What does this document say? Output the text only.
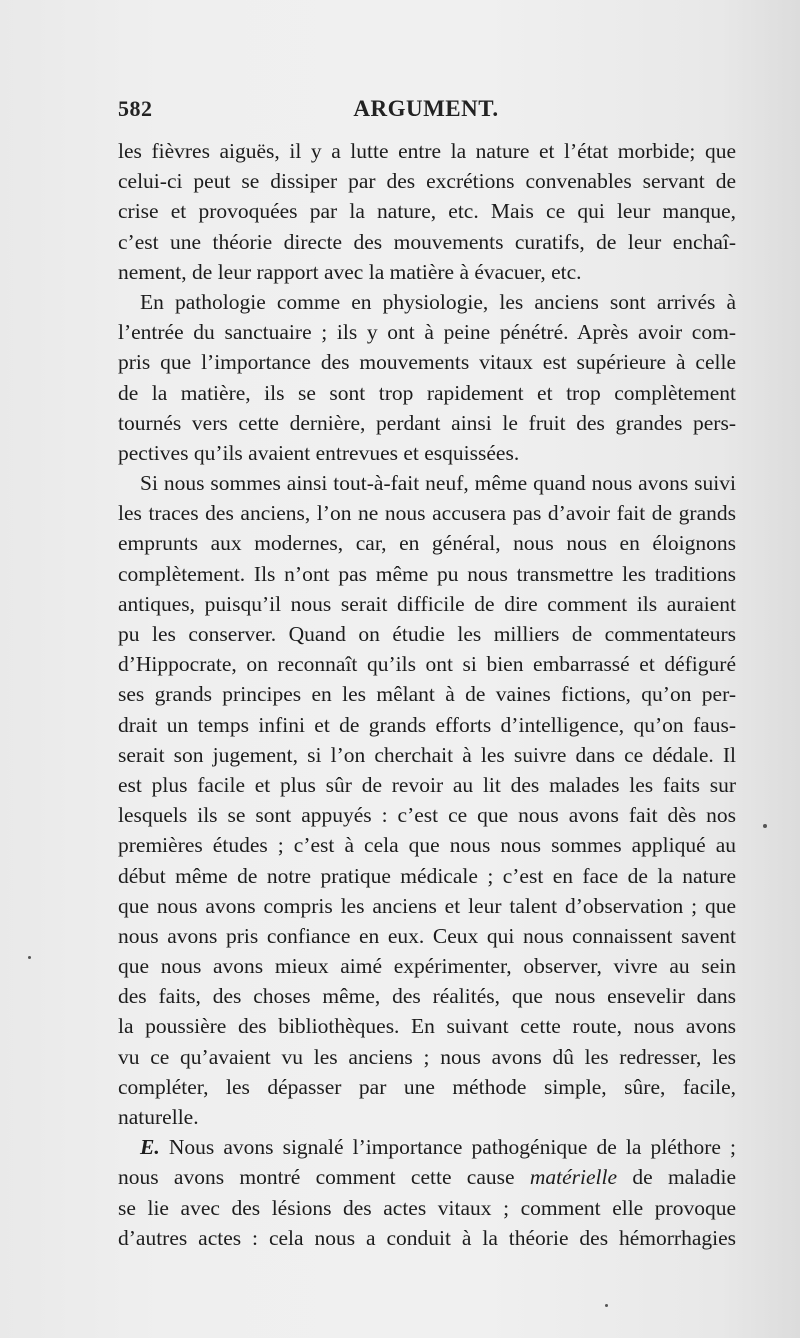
582	ARGUMENT.
les fièvres aiguës, il y a lutte entre la nature et l’état morbide; que
celui-ci peut se dissiper par des excrétions convenables servant de
crise et provoquées par la nature, etc. Mais ce qui leur manque,
c’est une théorie directe des mouvements curatifs, de leur enchaî-
nement, de leur rapport avec la matière à évacuer, etc.
En pathologie comme en physiologie, les anciens sont arrivés à
l’entrée du sanctuaire ; ils y ont à peine pénétré. Après avoir com-
pris que l’importance des mouvements vitaux est supérieure à celle
de la matière, ils se sont trop rapidement et trop complètement
tournés vers cette dernière, perdant ainsi le fruit des grandes pers-
pectives qu’ils avaient entrevues et esquissées.
Si nous sommes ainsi tout-à-fait neuf, même quand nous avons suivi
les traces des anciens, l’on ne nous accusera pas d’avoir fait de grands
emprunts aux modernes, car, en général, nous nous en éloignons
complètement. Ils n’ont pas même pu nous transmettre les traditions
antiques, puisqu’il nous serait difficile de dire comment ils auraient
pu les conserver. Quand on étudie les milliers de commentateurs
d’Hippocrate, on reconnaît qu’ils ont si bien embarrassé et défiguré
ses grands principes en les mêlant à de vaines fictions, qu’on per-
drait un temps infini et de grands efforts d’intelligence, qu’on faus-
serait son jugement, si l’on cherchait à les suivre dans ce dédale. Il
est plus facile et plus sûr de revoir au lit des malades les faits sur
lesquels ils se sont appuyés : c’est ce que nous avons fait dès nos
premières études ; c’est à cela que nous nous sommes appliqué au
début même de notre pratique médicale ; c’est en face de la nature
que nous avons compris les anciens et leur talent d’observation ; que
nous avons pris confiance en eux. Ceux qui nous connaissent savent
que nous avons mieux aimé expérimenter, observer, vivre au sein
des faits, des choses même, des réalités, que nous ensevelir dans
la poussière des bibliothèques. En suivant cette route, nous avons
vu ce qu’avaient vu les anciens ; nous avons dû les redresser, les
compléter, les dépasser par une méthode simple, sûre, facile,
naturelle.
E. Nous avons signalé l’importance pathogénique de la pléthore ;
nous avons montré comment cette cause matérielle de maladie
se lie avec des lésions des actes vitaux ; comment elle provoque
d’autres actes : cela nous a conduit à la théorie des hémorrhagies
